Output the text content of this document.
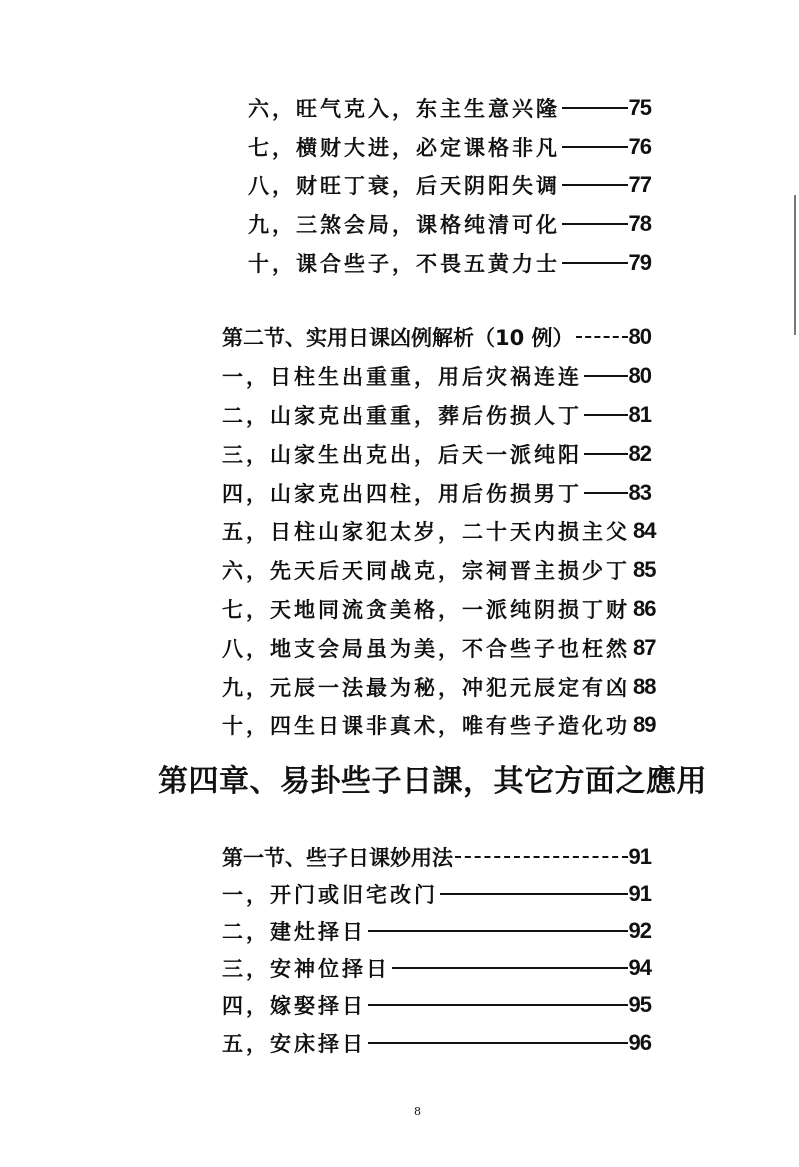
六，旺气克入，东主生意兴隆	75
七，横财大进，必定课格非凡	76
八，财旺丁衰，后天阴阳失调	77
九，三煞会局，课格纯清可化	78
十，课合些子，不畏五黄力士	79
第二节、实用日课凶例解析（10 例） 80
一，日柱生出重重，用后灾祸连连 80
二，山家克出重重，葬后伤损人丁 81
三，山家生出克出，后天一派纯阳 82
四，山家克出四柱，用后伤损男丁 83
五，日柱山家犯太岁，二十天内损主父 84
六，先天后天同战克，宗祠晋主损少丁 85
七，天地同流贪美格，一派纯阴损丁财 86
八，地支会局虽为美，不合些子也枉然 87
九，元辰一法最为秘，冲犯元辰定有凶 88
十，四生日课非真术，唯有些子造化功 89
第四章、易卦些子日課，其它方面之應用
第一节、些子日课妙用法	91
一，开门或旧宅改门	91
二，建灶择日	92
三，安神位择日	94
四，嫁娶择日	95
五，安床择日	96
8
